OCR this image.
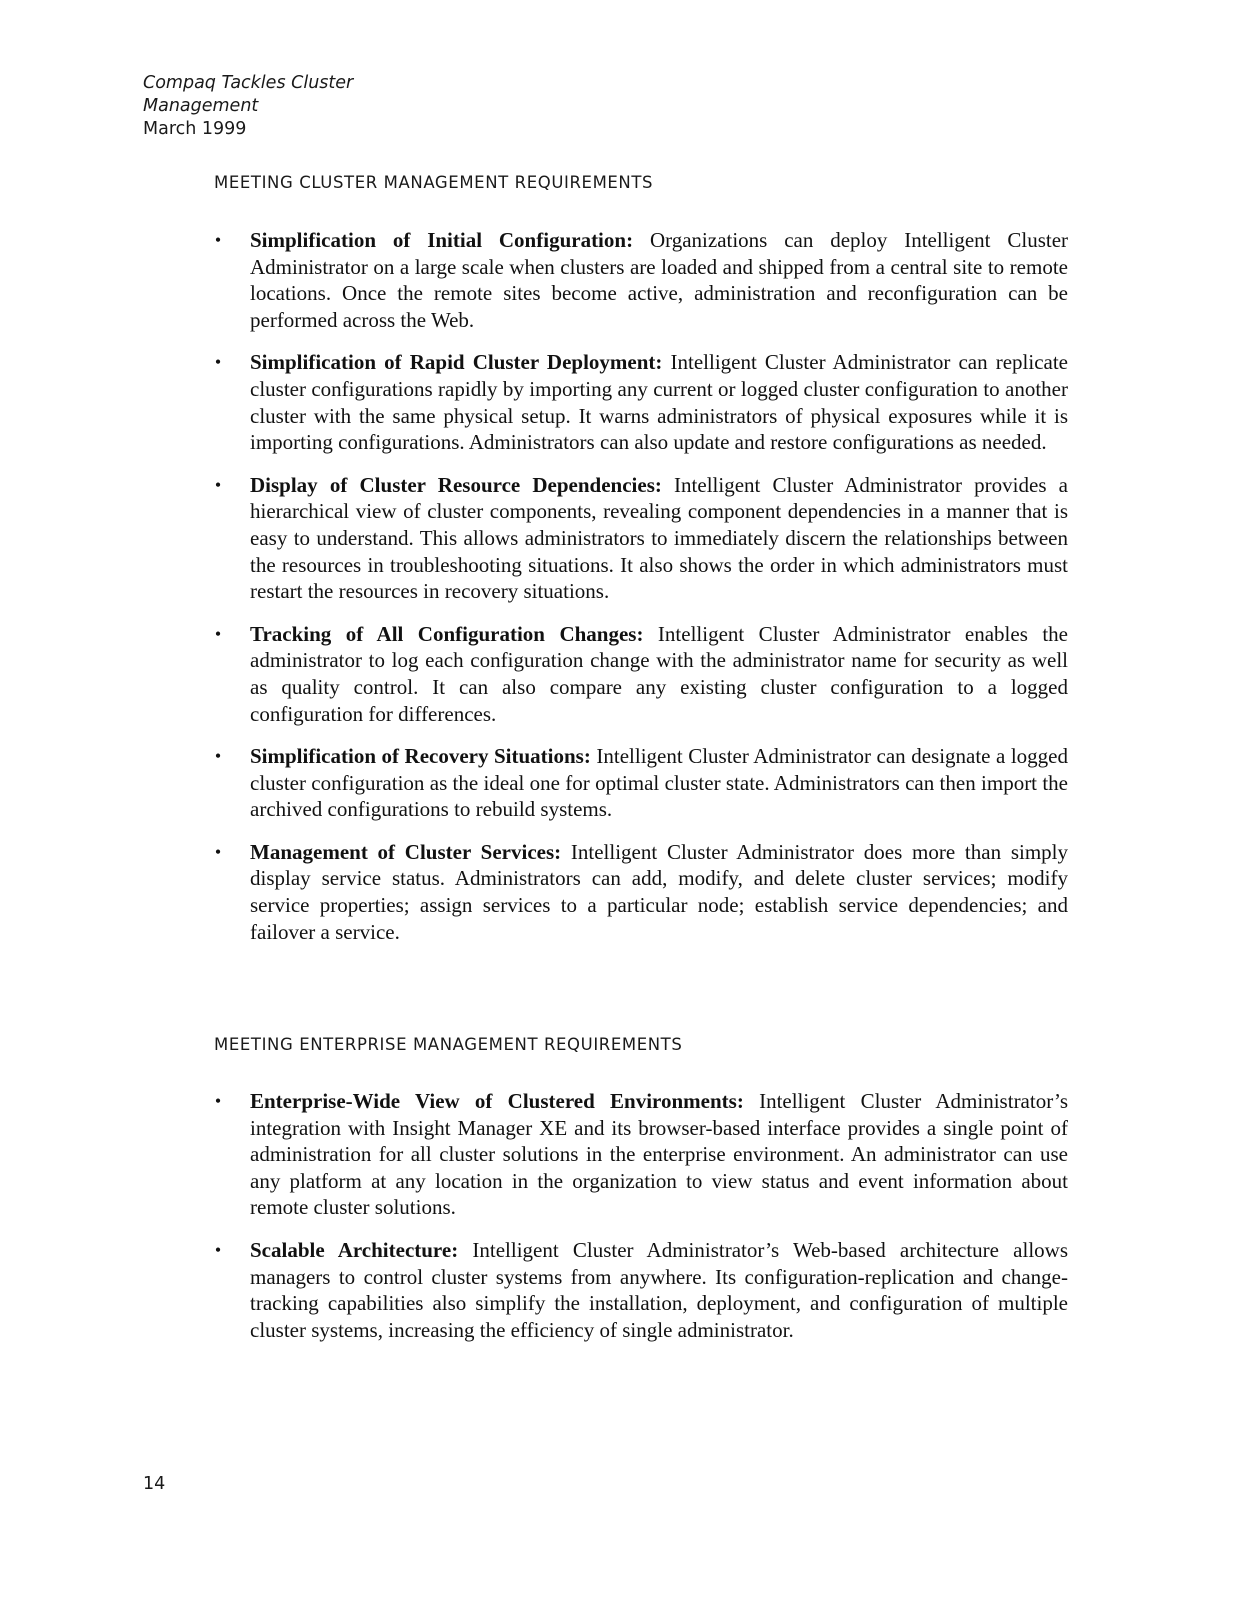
Compaq Tackles Cluster
Management
March 1999
MEETING CLUSTER MANAGEMENT REQUIREMENTS
• Simplification of Initial Configuration: Organizations can deploy Intelligent Cluster Administrator on a large scale when clusters are loaded and shipped from a central site to remote locations. Once the remote sites become active, administration and reconfiguration can be performed across the Web.
• Simplification of Rapid Cluster Deployment: Intelligent Cluster Administrator can replicate cluster configurations rapidly by importing any current or logged cluster configuration to another cluster with the same physical setup. It warns administrators of physical exposures while it is importing configurations. Administrators can also update and restore configurations as needed.
• Display of Cluster Resource Dependencies: Intelligent Cluster Administrator provides a hierarchical view of cluster components, revealing component dependencies in a manner that is easy to understand. This allows administrators to immediately discern the relationships between the resources in troubleshooting situations. It also shows the order in which administrators must restart the resources in recovery situations.
• Tracking of All Configuration Changes: Intelligent Cluster Administrator enables the administrator to log each configuration change with the administrator name for security as well as quality control. It can also compare any existing cluster configuration to a logged configuration for differences.
• Simplification of Recovery Situations: Intelligent Cluster Administrator can designate a logged cluster configuration as the ideal one for optimal cluster state. Administrators can then import the archived configurations to rebuild systems.
• Management of Cluster Services: Intelligent Cluster Administrator does more than simply display service status. Administrators can add, modify, and delete cluster services; modify service properties; assign services to a particular node; establish service dependencies; and failover a service.
MEETING ENTERPRISE MANAGEMENT REQUIREMENTS
• Enterprise-Wide View of Clustered Environments: Intelligent Cluster Administrator’s integration with Insight Manager XE and its browser-based interface provides a single point of administration for all cluster solutions in the enterprise environment. An administrator can use any platform at any location in the organization to view status and event information about remote cluster solutions.
• Scalable Architecture: Intelligent Cluster Administrator’s Web-based architecture allows managers to control cluster systems from anywhere. Its configuration-replication and change-tracking capabilities also simplify the installation, deployment, and configuration of multiple cluster systems, increasing the efficiency of single administrator.
14
